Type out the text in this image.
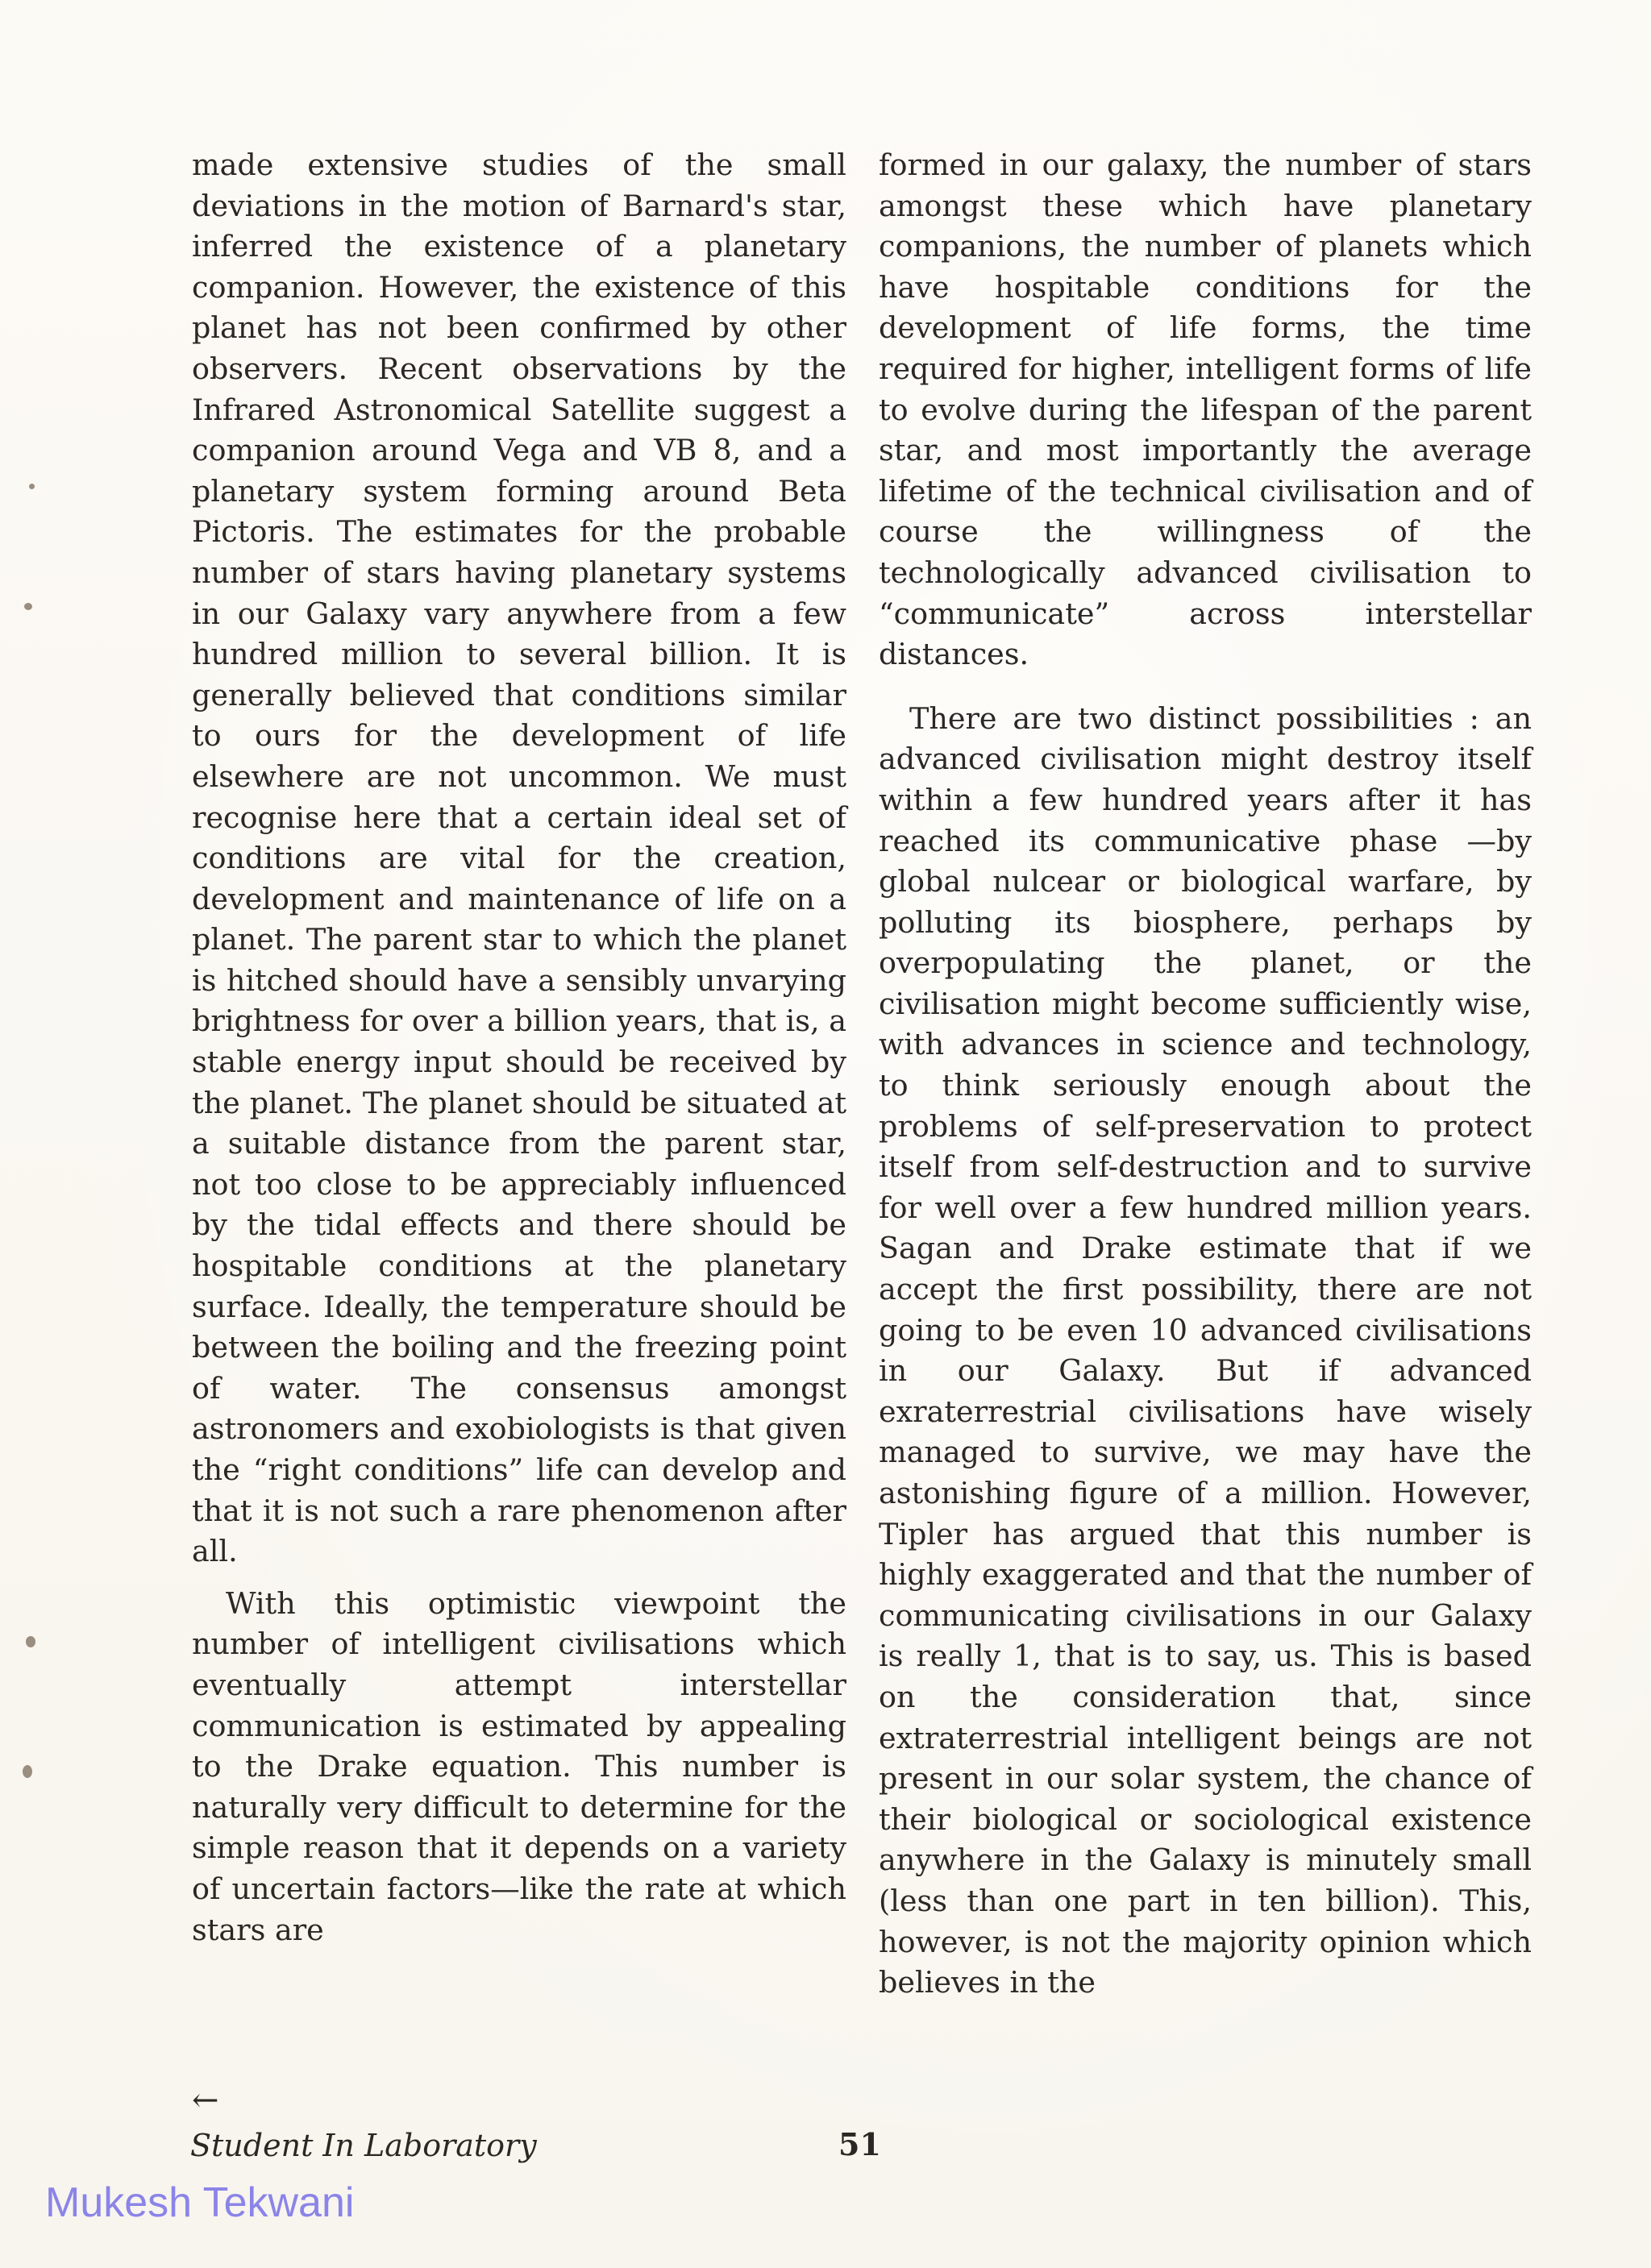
made extensive studies of the small deviations in the motion of Barnard's star, inferred the existence of a planetary companion. However, the existence of this planet has not been confirmed by other observers. Recent observations by the Infrared Astronomical Satellite suggest a companion around Vega and VB 8, and a planetary system forming around Beta Pictoris. The estimates for the probable number of stars having planetary systems in our Galaxy vary anywhere from a few hundred million to several billion. It is generally believed that conditions similar to ours for the development of life elsewhere are not uncommon. We must recognise here that a certain ideal set of conditions are vital for the creation, development and maintenance of life on a planet. The parent star to which the planet is hitched should have a sensibly unvarying brightness for over a billion years, that is, a stable energy input should be received by the planet. The planet should be situated at a suitable distance from the parent star, not too close to be appreciably influenced by the tidal effects and there should be hospitable conditions at the planetary surface. Ideally, the temperature should be between the boiling and the freezing point of water. The consensus amongst astronomers and exobiologists is that given the “right conditions” life can develop and that it is not such a rare phenomenon after all.

With this optimistic viewpoint the number of intelligent civilisations which eventually attempt interstellar communication is estimated by appealing to the Drake equation. This number is naturally very difficult to determine for the simple reason that it depends on a variety of uncertain factors—like the rate at which stars are

formed in our galaxy, the number of stars amongst these which have planetary companions, the number of planets which have hospitable conditions for the development of life forms, the time required for higher, intelligent forms of life to evolve during the lifespan of the parent star, and most importantly the average lifetime of the technical civilisation and of course the willingness of the technologically advanced civilisation to “communicate” across interstellar distances.

There are two distinct possibilities : an advanced civilisation might destroy itself within a few hundred years after it has reached its communicative phase —by global nulcear or biological warfare, by polluting its biosphere, perhaps by overpopulating the planet, or the civilisation might become sufficiently wise, with advances in science and technology, to think seriously enough about the problems of self-preservation to protect itself from self-destruction and to survive for well over a few hundred million years. Sagan and Drake estimate that if we accept the first possibility, there are not going to be even 10 advanced civilisations in our Galaxy. But if advanced exraterrestrial civilisations have wisely managed to survive, we may have the astonishing figure of a million. However, Tipler has argued that this number is highly exaggerated and that the number of communicating civilisations in our Galaxy is really 1, that is to say, us. This is based on the consideration that, since extraterrestrial intelligent beings are not present in our solar system, the chance of their biological or sociological existence anywhere in the Galaxy is minutely small (less than one part in ten billion). This, however, is not the majority opinion which believes in the

←
Student In Laboratory	51
Mukesh Tekwani
